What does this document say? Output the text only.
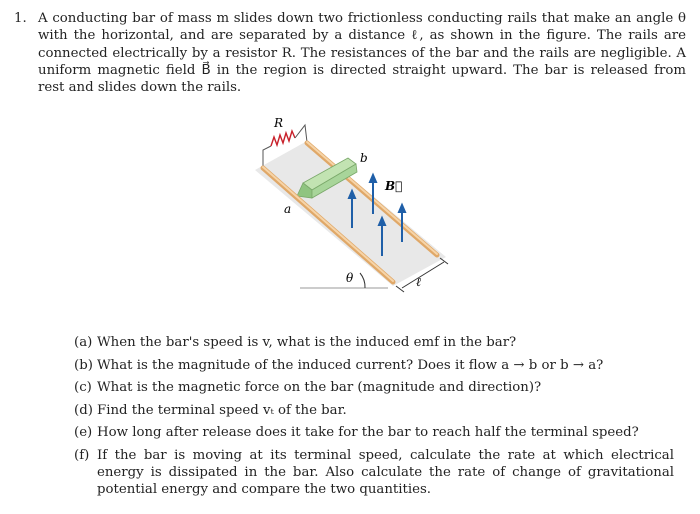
1. A conducting bar of mass m slides down two frictionless conducting rails that make an angle θ with the horizontal, and are separated by a distance ℓ, as shown in the figure. The rails are connected electrically by a resistor R. The resistances of the bar and the rails are negligible. A uniform magnetic field B⃗ in the region is directed straight upward. The bar is released from rest and slides down the rails.
R
b
a
B⃗
θ	ℓ
(a) When the bar's speed is v, what is the induced emf in the bar?
(b) What is the magnitude of the induced current? Does it flow a → b or b → a?
(c) What is the magnetic force on the bar (magnitude and direction)?
(d) Find the terminal speed vₜ of the bar.
(e) How long after release does it take for the bar to reach half the terminal speed?
(f) If the bar is moving at its terminal speed, calculate the rate at which electrical energy is dissipated in the bar. Also calculate the rate of change of gravitational potential energy and compare the two quantities.
